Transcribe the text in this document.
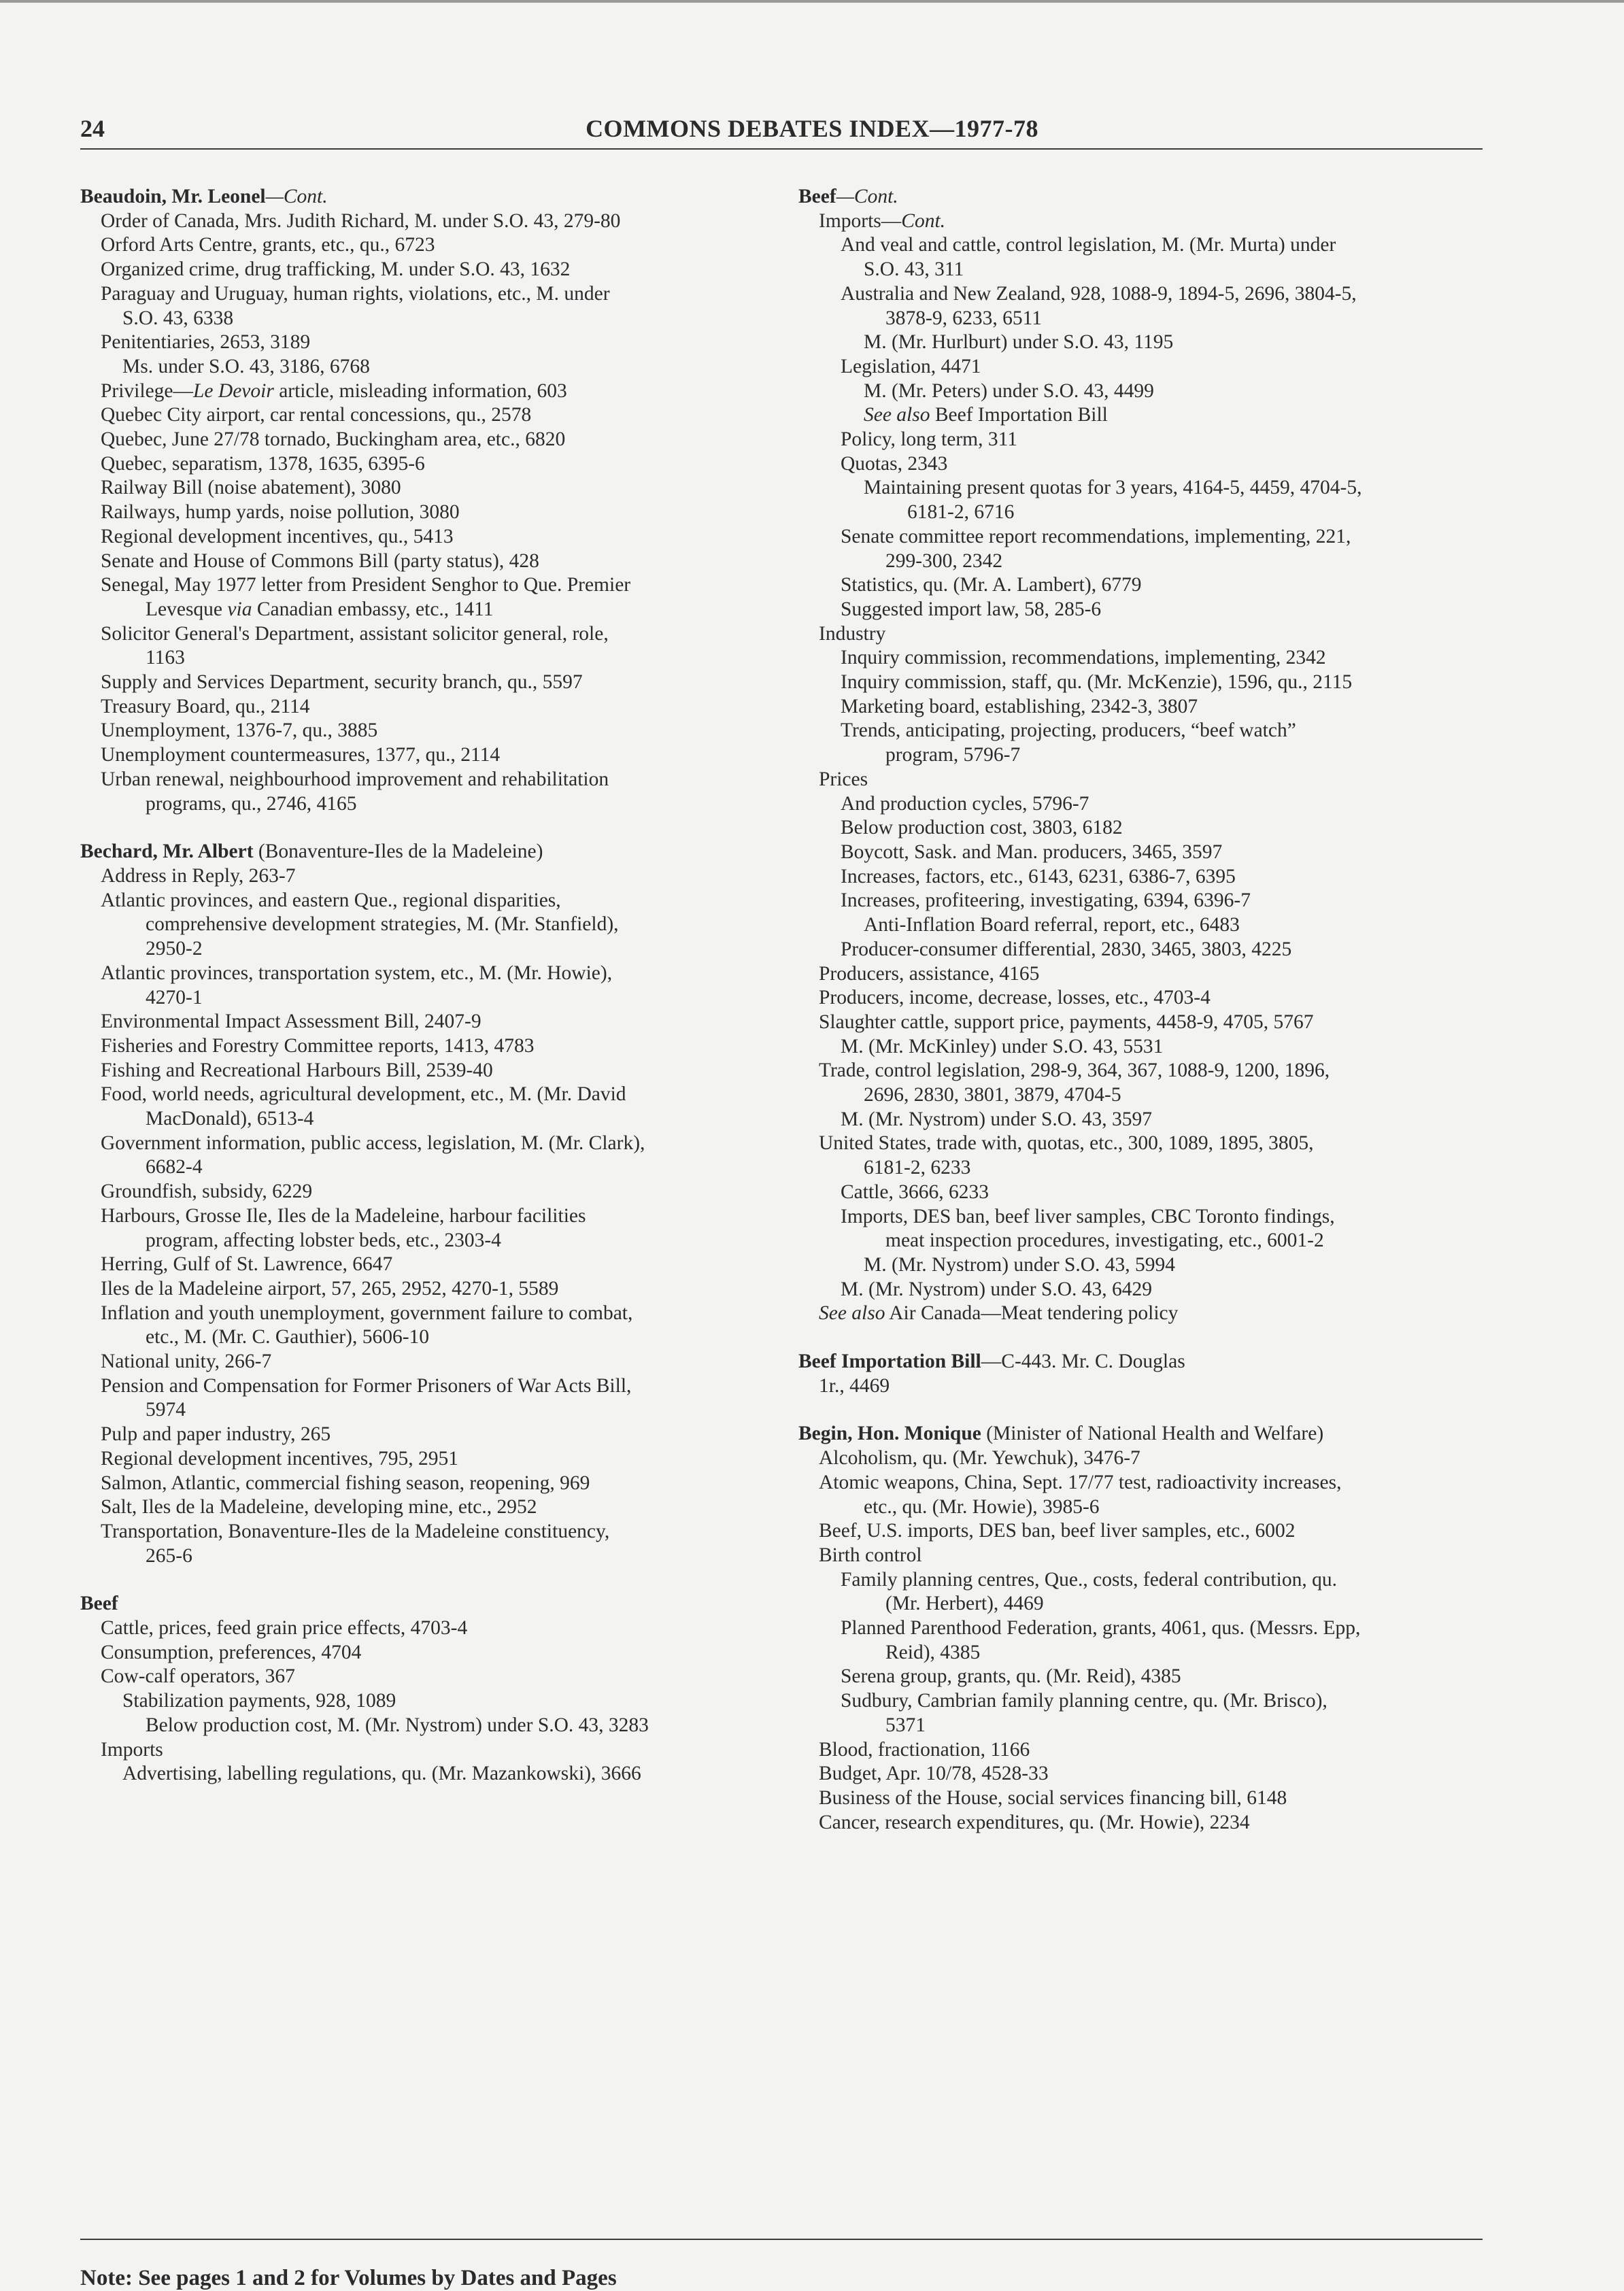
24	COMMONS DEBATES INDEX—1977-78
Beaudoin, Mr. Leonel—Cont.
Order of Canada, Mrs. Judith Richard, M. under S.O. 43, 279-80
Orford Arts Centre, grants, etc., qu., 6723
Organized crime, drug trafficking, M. under S.O. 43, 1632
Paraguay and Uruguay, human rights, violations, etc., M. under
S.O. 43, 6338
Penitentiaries, 2653, 3189
Ms. under S.O. 43, 3186, 6768
Privilege—Le Devoir article, misleading information, 603
Quebec City airport, car rental concessions, qu., 2578
Quebec, June 27/78 tornado, Buckingham area, etc., 6820
Quebec, separatism, 1378, 1635, 6395-6
Railway Bill (noise abatement), 3080
Railways, hump yards, noise pollution, 3080
Regional development incentives, qu., 5413
Senate and House of Commons Bill (party status), 428
Senegal, May 1977 letter from President Senghor to Que. Premier
Levesque via Canadian embassy, etc., 1411
Solicitor General's Department, assistant solicitor general, role,
1163
Supply and Services Department, security branch, qu., 5597
Treasury Board, qu., 2114
Unemployment, 1376-7, qu., 3885
Unemployment countermeasures, 1377, qu., 2114
Urban renewal, neighbourhood improvement and rehabilitation
programs, qu., 2746, 4165
Bechard, Mr. Albert (Bonaventure-Iles de la Madeleine)
Address in Reply, 263-7
Atlantic provinces, and eastern Que., regional disparities,
comprehensive development strategies, M. (Mr. Stanfield),
2950-2
Atlantic provinces, transportation system, etc., M. (Mr. Howie),
4270-1
Environmental Impact Assessment Bill, 2407-9
Fisheries and Forestry Committee reports, 1413, 4783
Fishing and Recreational Harbours Bill, 2539-40
Food, world needs, agricultural development, etc., M. (Mr. David
MacDonald), 6513-4
Government information, public access, legislation, M. (Mr. Clark),
6682-4
Groundfish, subsidy, 6229
Harbours, Grosse Ile, Iles de la Madeleine, harbour facilities
program, affecting lobster beds, etc., 2303-4
Herring, Gulf of St. Lawrence, 6647
Iles de la Madeleine airport, 57, 265, 2952, 4270-1, 5589
Inflation and youth unemployment, government failure to combat,
etc., M. (Mr. C. Gauthier), 5606-10
National unity, 266-7
Pension and Compensation for Former Prisoners of War Acts Bill,
5974
Pulp and paper industry, 265
Regional development incentives, 795, 2951
Salmon, Atlantic, commercial fishing season, reopening, 969
Salt, Iles de la Madeleine, developing mine, etc., 2952
Transportation, Bonaventure-Iles de la Madeleine constituency,
265-6
Beef
Cattle, prices, feed grain price effects, 4703-4
Consumption, preferences, 4704
Cow-calf operators, 367
Stabilization payments, 928, 1089
Below production cost, M. (Mr. Nystrom) under S.O. 43, 3283
Imports
Advertising, labelling regulations, qu. (Mr. Mazankowski), 3666
Beef—Cont.
Imports—Cont.
And veal and cattle, control legislation, M. (Mr. Murta) under
S.O. 43, 311
Australia and New Zealand, 928, 1088-9, 1894-5, 2696, 3804-5,
3878-9, 6233, 6511
M. (Mr. Hurlburt) under S.O. 43, 1195
Legislation, 4471
M. (Mr. Peters) under S.O. 43, 4499
See also Beef Importation Bill
Policy, long term, 311
Quotas, 2343
Maintaining present quotas for 3 years, 4164-5, 4459, 4704-5,
6181-2, 6716
Senate committee report recommendations, implementing, 221,
299-300, 2342
Statistics, qu. (Mr. A. Lambert), 6779
Suggested import law, 58, 285-6
Industry
Inquiry commission, recommendations, implementing, 2342
Inquiry commission, staff, qu. (Mr. McKenzie), 1596, qu., 2115
Marketing board, establishing, 2342-3, 3807
Trends, anticipating, projecting, producers, “beef watch”
program, 5796-7
Prices
And production cycles, 5796-7
Below production cost, 3803, 6182
Boycott, Sask. and Man. producers, 3465, 3597
Increases, factors, etc., 6143, 6231, 6386-7, 6395
Increases, profiteering, investigating, 6394, 6396-7
Anti-Inflation Board referral, report, etc., 6483
Producer-consumer differential, 2830, 3465, 3803, 4225
Producers, assistance, 4165
Producers, income, decrease, losses, etc., 4703-4
Slaughter cattle, support price, payments, 4458-9, 4705, 5767
M. (Mr. McKinley) under S.O. 43, 5531
Trade, control legislation, 298-9, 364, 367, 1088-9, 1200, 1896,
2696, 2830, 3801, 3879, 4704-5
M. (Mr. Nystrom) under S.O. 43, 3597
United States, trade with, quotas, etc., 300, 1089, 1895, 3805,
6181-2, 6233
Cattle, 3666, 6233
Imports, DES ban, beef liver samples, CBC Toronto findings,
meat inspection procedures, investigating, etc., 6001-2
M. (Mr. Nystrom) under S.O. 43, 5994
M. (Mr. Nystrom) under S.O. 43, 6429
See also Air Canada—Meat tendering policy
Beef Importation Bill—C-443. Mr. C. Douglas
1r., 4469
Begin, Hon. Monique (Minister of National Health and Welfare)
Alcoholism, qu. (Mr. Yewchuk), 3476-7
Atomic weapons, China, Sept. 17/77 test, radioactivity increases,
etc., qu. (Mr. Howie), 3985-6
Beef, U.S. imports, DES ban, beef liver samples, etc., 6002
Birth control
Family planning centres, Que., costs, federal contribution, qu.
(Mr. Herbert), 4469
Planned Parenthood Federation, grants, 4061, qus. (Messrs. Epp,
Reid), 4385
Serena group, grants, qu. (Mr. Reid), 4385
Sudbury, Cambrian family planning centre, qu. (Mr. Brisco),
5371
Blood, fractionation, 1166
Budget, Apr. 10/78, 4528-33
Business of the House, social services financing bill, 6148
Cancer, research expenditures, qu. (Mr. Howie), 2234
Note: See pages 1 and 2 for Volumes by Dates and Pages
